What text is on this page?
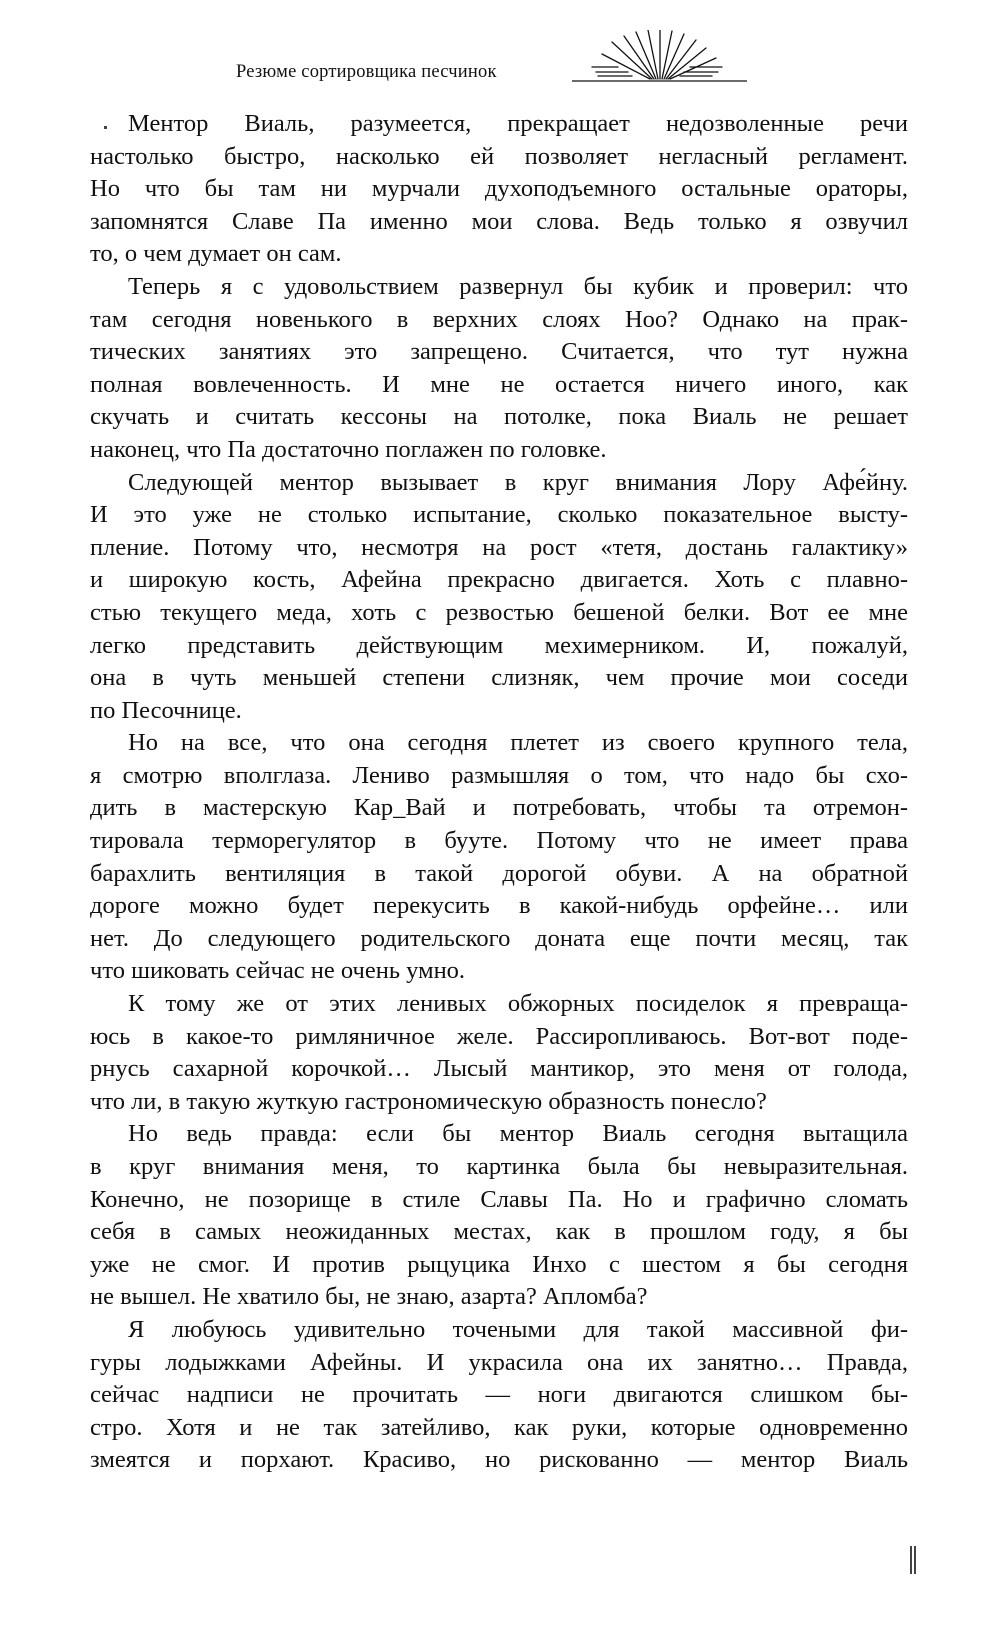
Резюме сортировщика песчинок
Ментор Виаль, разумеется, прекращает недозволенные речи
настолько быстро, насколько ей позволяет негласный регламент.
Но что бы там ни мурчали духоподъемного остальные ораторы,
запомнятся Славе Па именно мои слова. Ведь только я озвучил
то, о чем думает он сам.
Теперь я с удовольствием развернул бы кубик и проверил: что
там сегодня новенького в верхних слоях Ноо? Однако на прак-
тических занятиях это запрещено. Считается, что тут нужна
полная вовлеченность. И мне не остается ничего иного, как
скучать и считать кессоны на потолке, пока Виаль не решает
наконец, что Па достаточно поглажен по головке.
Следующей ментор вызывает в круг внимания Лору Афе́йну.
И это уже не столько испытание, сколько показательное высту-
пление. Потому что, несмотря на рост «тетя, достань галактику»
и широкую кость, Афейна прекрасно двигается. Хоть с плавно-
стью текущего меда, хоть с резвостью бешеной белки. Вот ее мне
легко представить действующим мехимерником. И, пожалуй,
она в чуть меньшей степени слизняк, чем прочие мои соседи
по Песочнице.
Но на все, что она сегодня плетет из своего крупного тела,
я смотрю вполглаза. Лениво размышляя о том, что надо бы схо-
дить в мастерскую Кар_Вай и потребовать, чтобы та отремон-
тировала терморегулятор в бууте. Потому что не имеет права
барахлить вентиляция в такой дорогой обуви. А на обратной
дороге можно будет перекусить в какой-нибудь орфейне… или
нет. До следующего родительского доната еще почти месяц, так
что шиковать сейчас не очень умно.
К тому же от этих ленивых обжорных посиделок я превраща-
юсь в какое-то римляничное желе. Рассиропливаюсь. Вот-вот поде-
рнусь сахарной корочкой… Лысый мантикор, это меня от голода,
что ли, в такую жуткую гастрономическую образность понесло?
Но ведь правда: если бы ментор Виаль сегодня вытащила
в круг внимания меня, то картинка была бы невыразительная.
Конечно, не позорище в стиле Славы Па. Но и графично сломать
себя в самых неожиданных местах, как в прошлом году, я бы
уже не смог. И против рыцуцика Инхо с шестом я бы сегодня
не вышел. Не хватило бы, не знаю, азарта? Апломба?
Я любуюсь удивительно точеными для такой массивной фи-
гуры лодыжками Афейны. И украсила она их занятно… Правда,
сейчас надписи не прочитать — ноги двигаются слишком бы-
стро. Хотя и не так затейливо, как руки, которые одновременно
змеятся и порхают. Красиво, но рискованно — ментор Виаль
